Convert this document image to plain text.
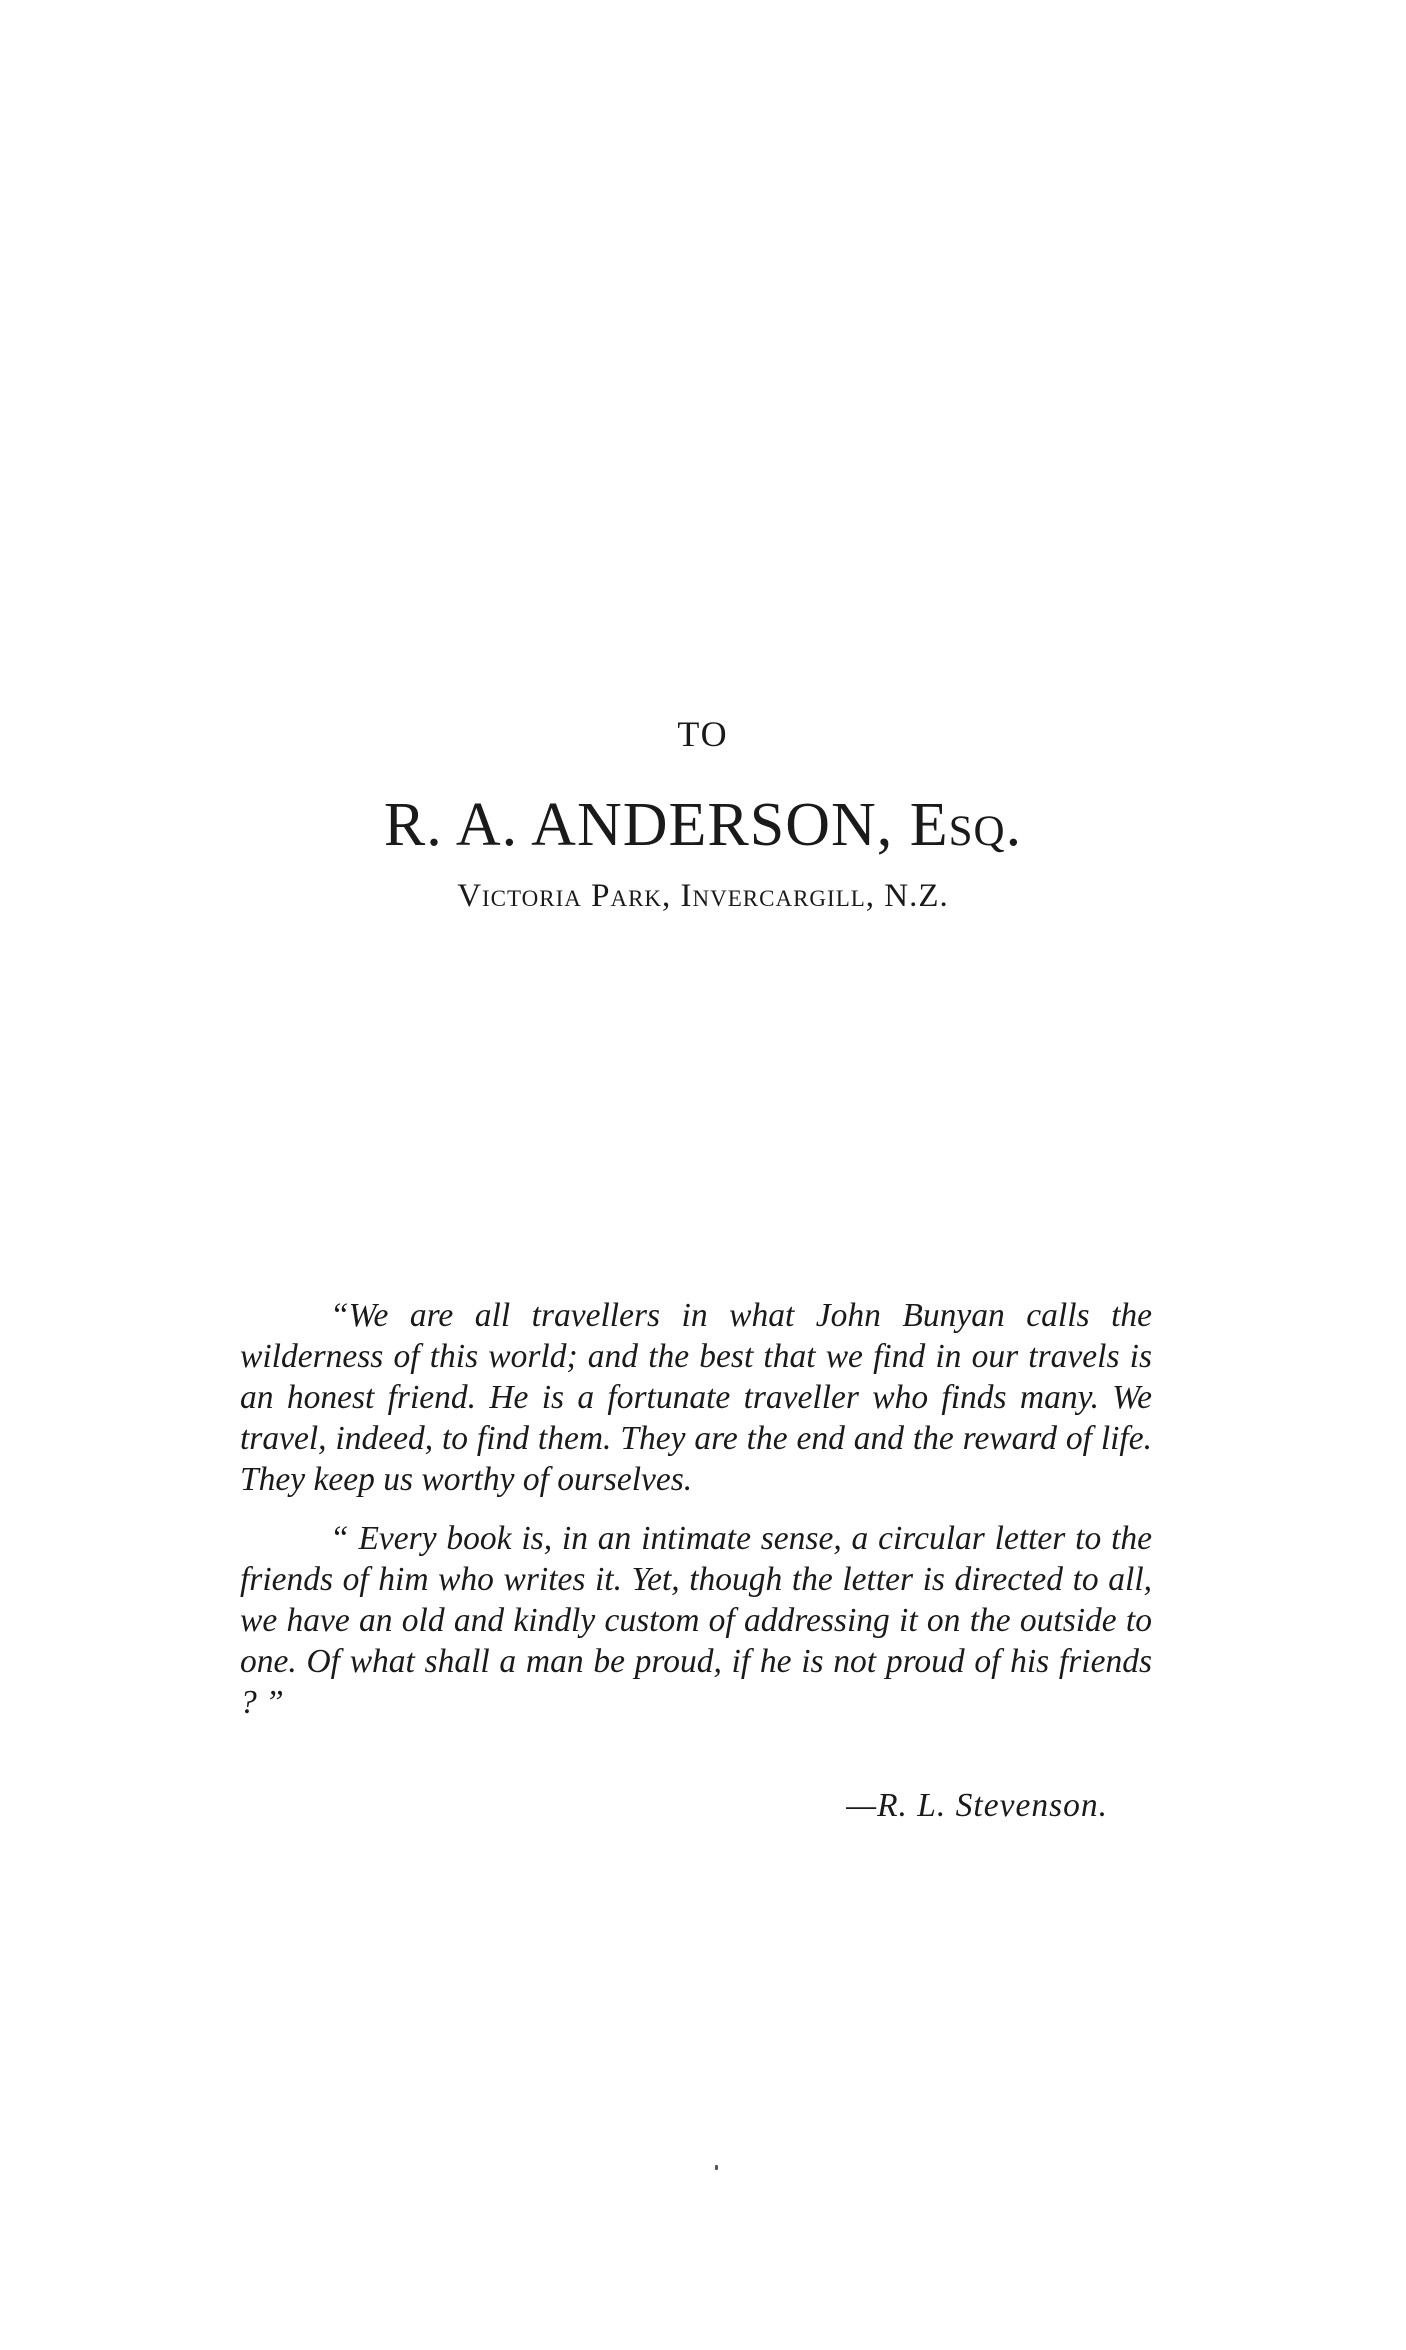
TO
R. A. ANDERSON, Esq.
Victoria Park, Invercargill, N.Z.

“We are all travellers in what John Bunyan calls the wilderness of this world; and the best that we find in our travels is an honest friend. He is a fortunate traveller who finds many. We travel, indeed, to find them. They are the end and the reward of life. They keep us worthy of ourselves.

“ Every book is, in an intimate sense, a circular letter to the friends of him who writes it. Yet, though the letter is directed to all, we have an old and kindly custom of addressing it on the outside to one. Of what shall a man be proud, if he is not proud of his friends ? ”

—R. L. Stevenson.
